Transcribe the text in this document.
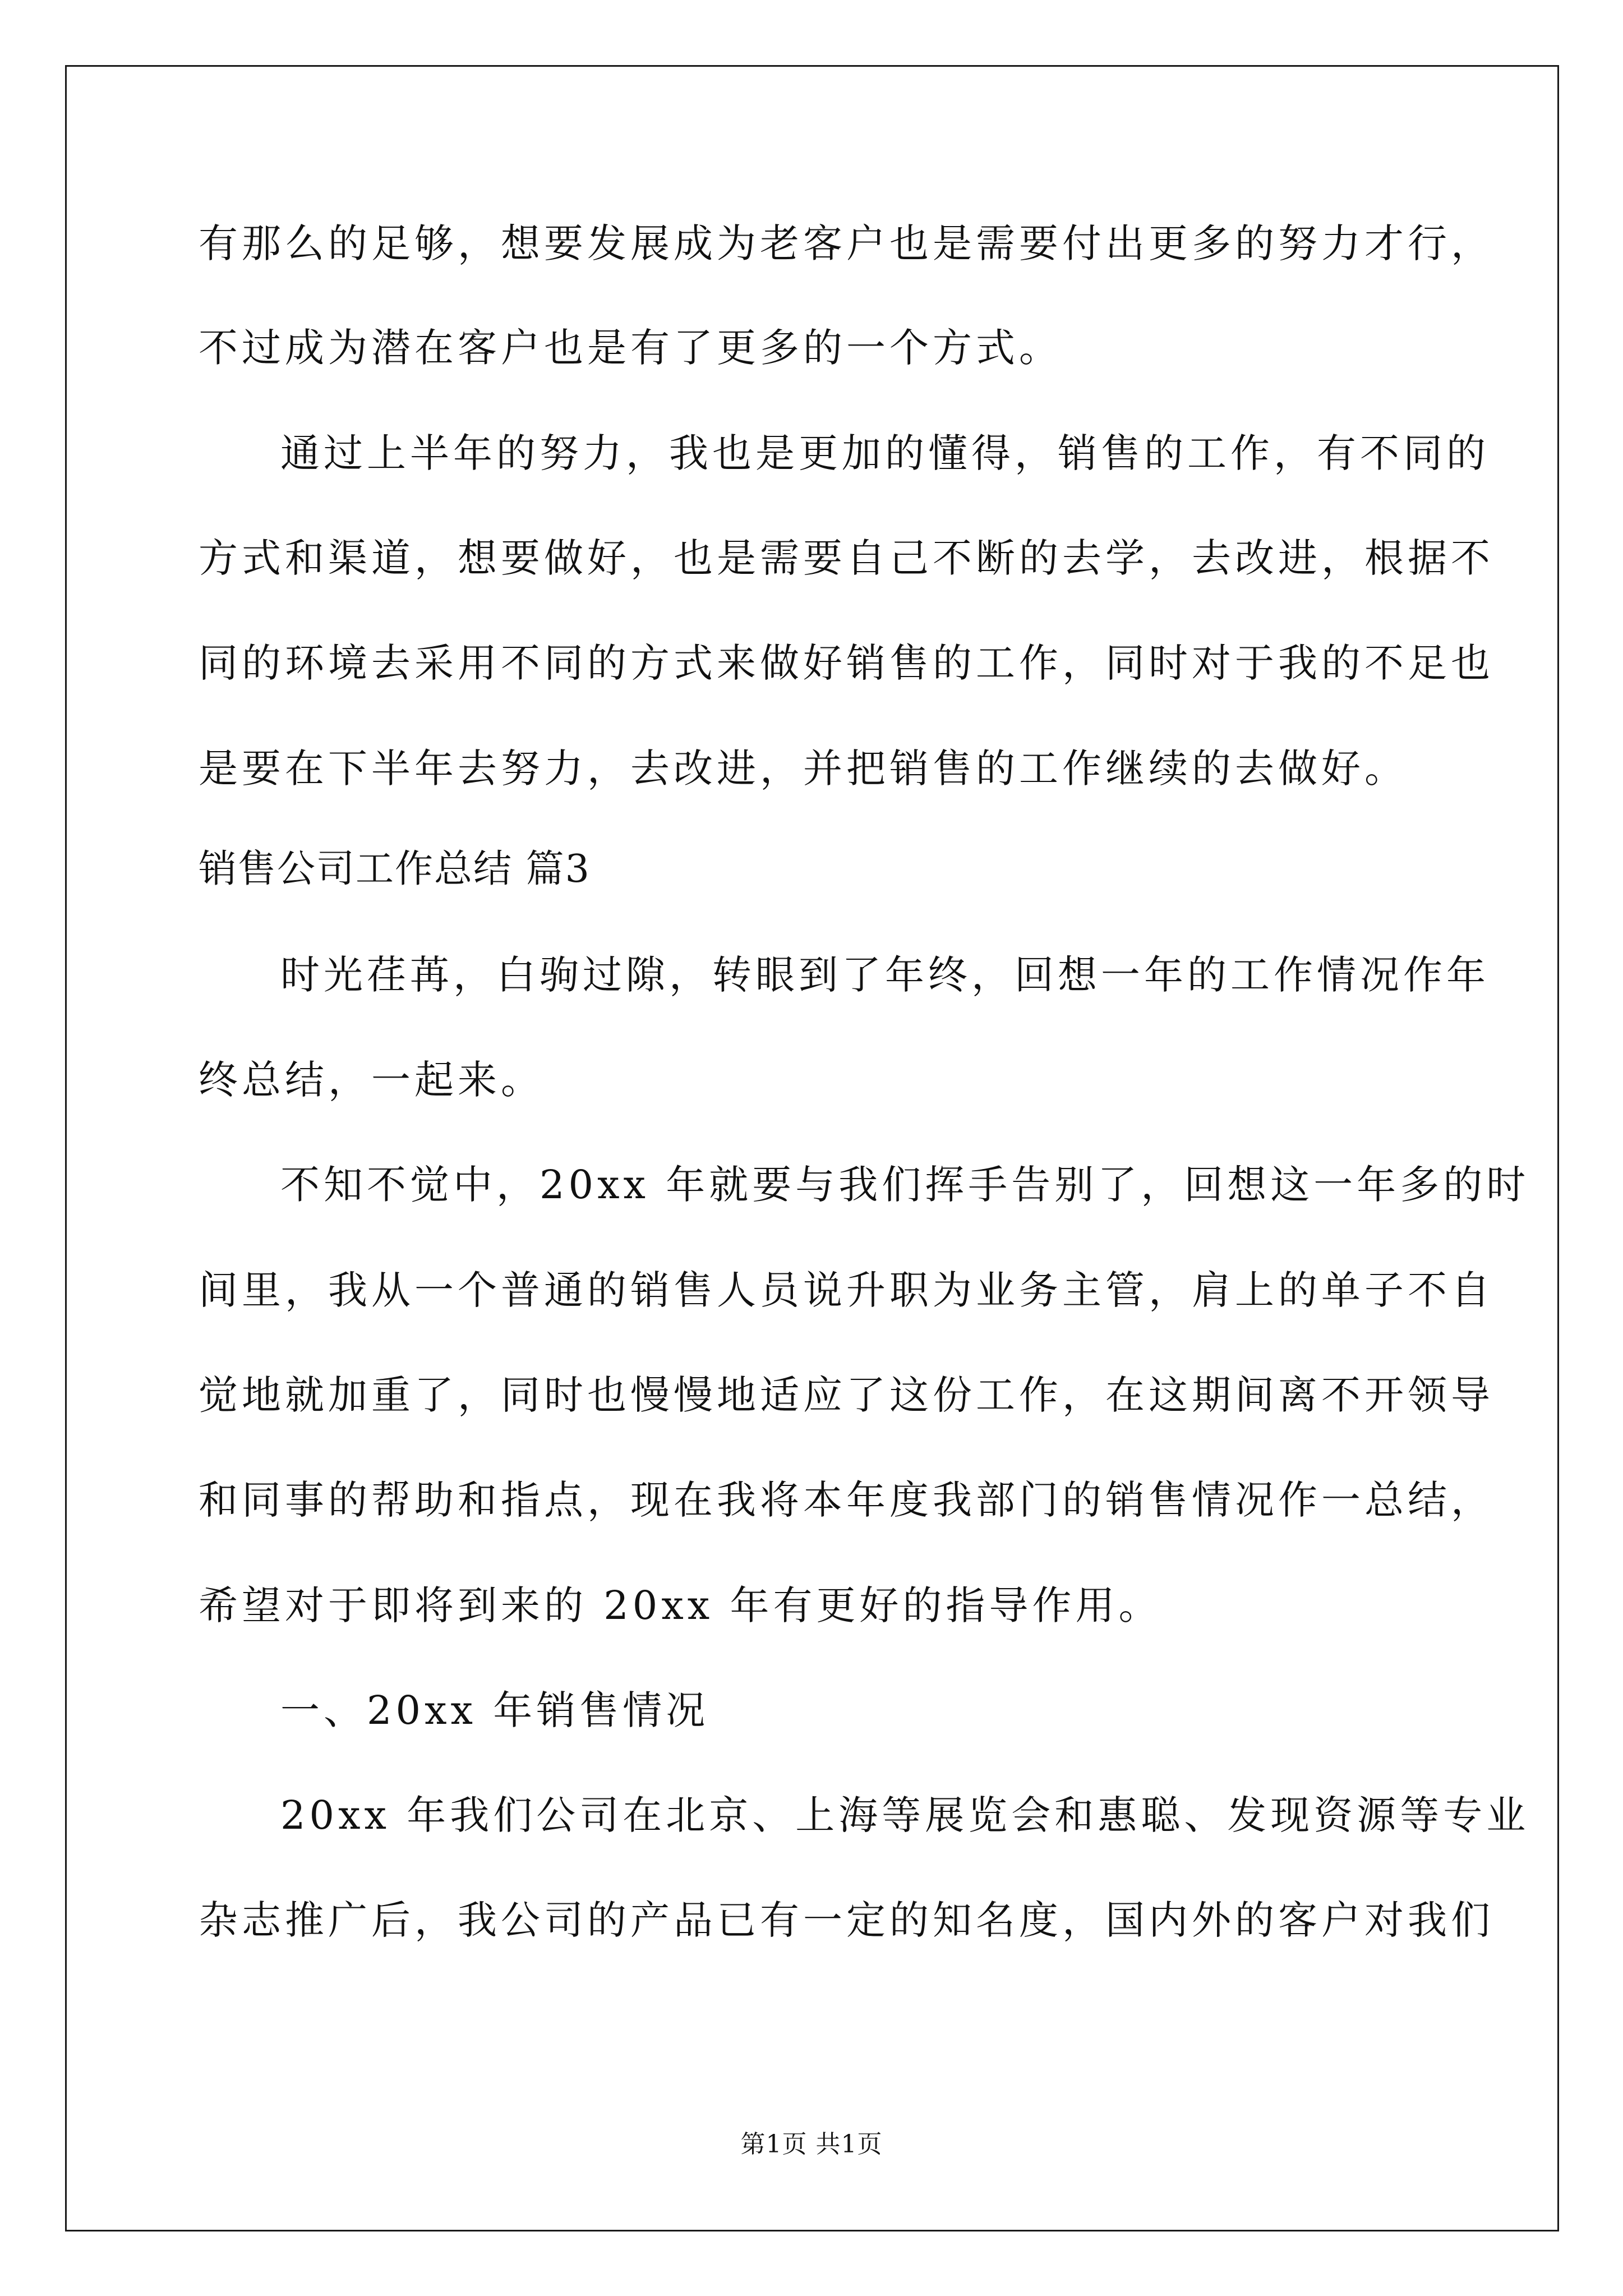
有那么的足够，想要发展成为老客户也是需要付出更多的努力才行，
不过成为潜在客户也是有了更多的一个方式。
通过上半年的努力，我也是更加的懂得，销售的工作，有不同的
方式和渠道，想要做好，也是需要自己不断的去学，去改进，根据不
同的环境去采用不同的方式来做好销售的工作，同时对于我的不足也
是要在下半年去努力，去改进，并把销售的工作继续的去做好。
销售公司工作总结 篇3
时光荏苒，白驹过隙，转眼到了年终，回想一年的工作情况作年
终总结，一起来。
不知不觉中，20xx 年就要与我们挥手告别了，回想这一年多的时
间里，我从一个普通的销售人员说升职为业务主管，肩上的单子不自
觉地就加重了，同时也慢慢地适应了这份工作，在这期间离不开领导
和同事的帮助和指点，现在我将本年度我部门的销售情况作一总结，
希望对于即将到来的 20xx 年有更好的指导作用。
一、20xx 年销售情况
20xx 年我们公司在北京、上海等展览会和惠聪、发现资源等专业
杂志推广后，我公司的产品已有一定的知名度，国内外的客户对我们
第1页 共1页
